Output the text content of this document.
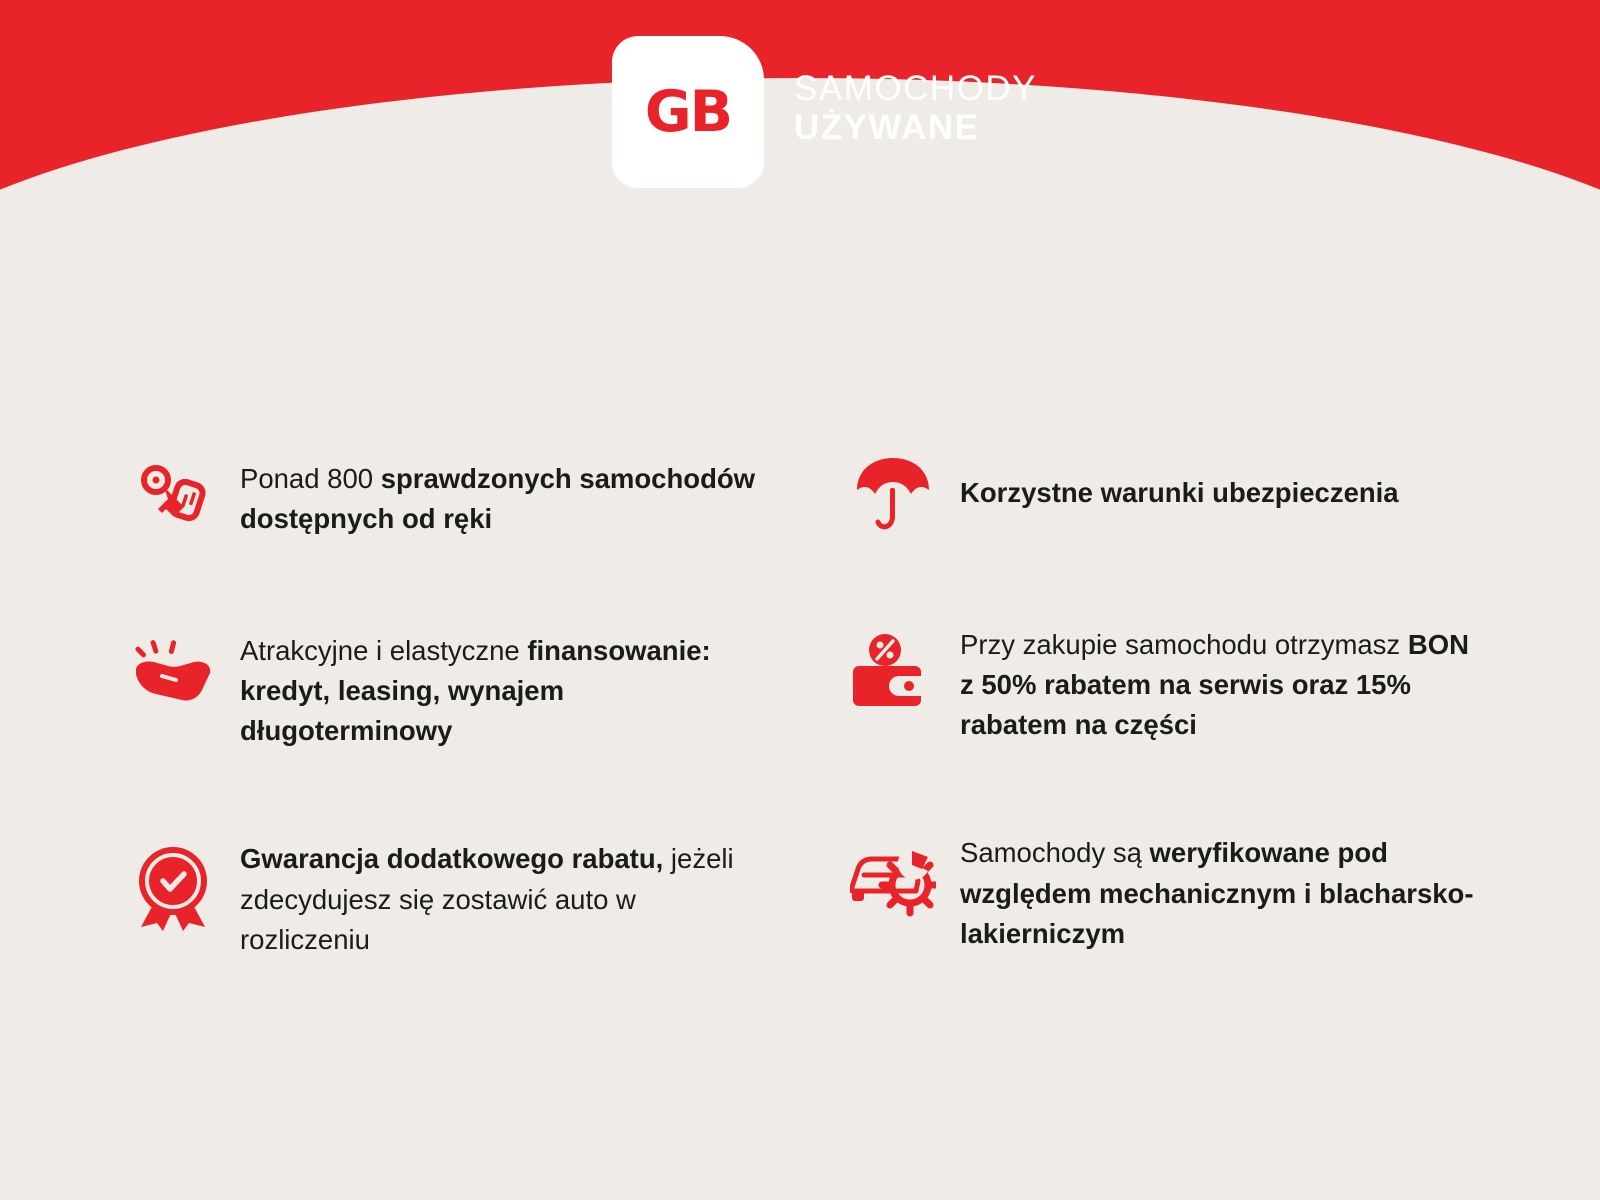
GB SAMOCHODY
UŻYWANE
Ponad 800 sprawdzonych samochodów dostępnych od ręki
Atrakcyjne i elastyczne finansowanie: kredyt, leasing, wynajem długoterminowy
Gwarancja dodatkowego rabatu, jeżeli zdecydujesz się zostawić auto w rozliczeniu
Korzystne warunki ubezpieczenia
Przy zakupie samochodu otrzymasz BON z 50% rabatem na serwis oraz 15% rabatem na części
Samochody są weryfikowane pod względem mechanicznym i blacharsko-lakierniczym
